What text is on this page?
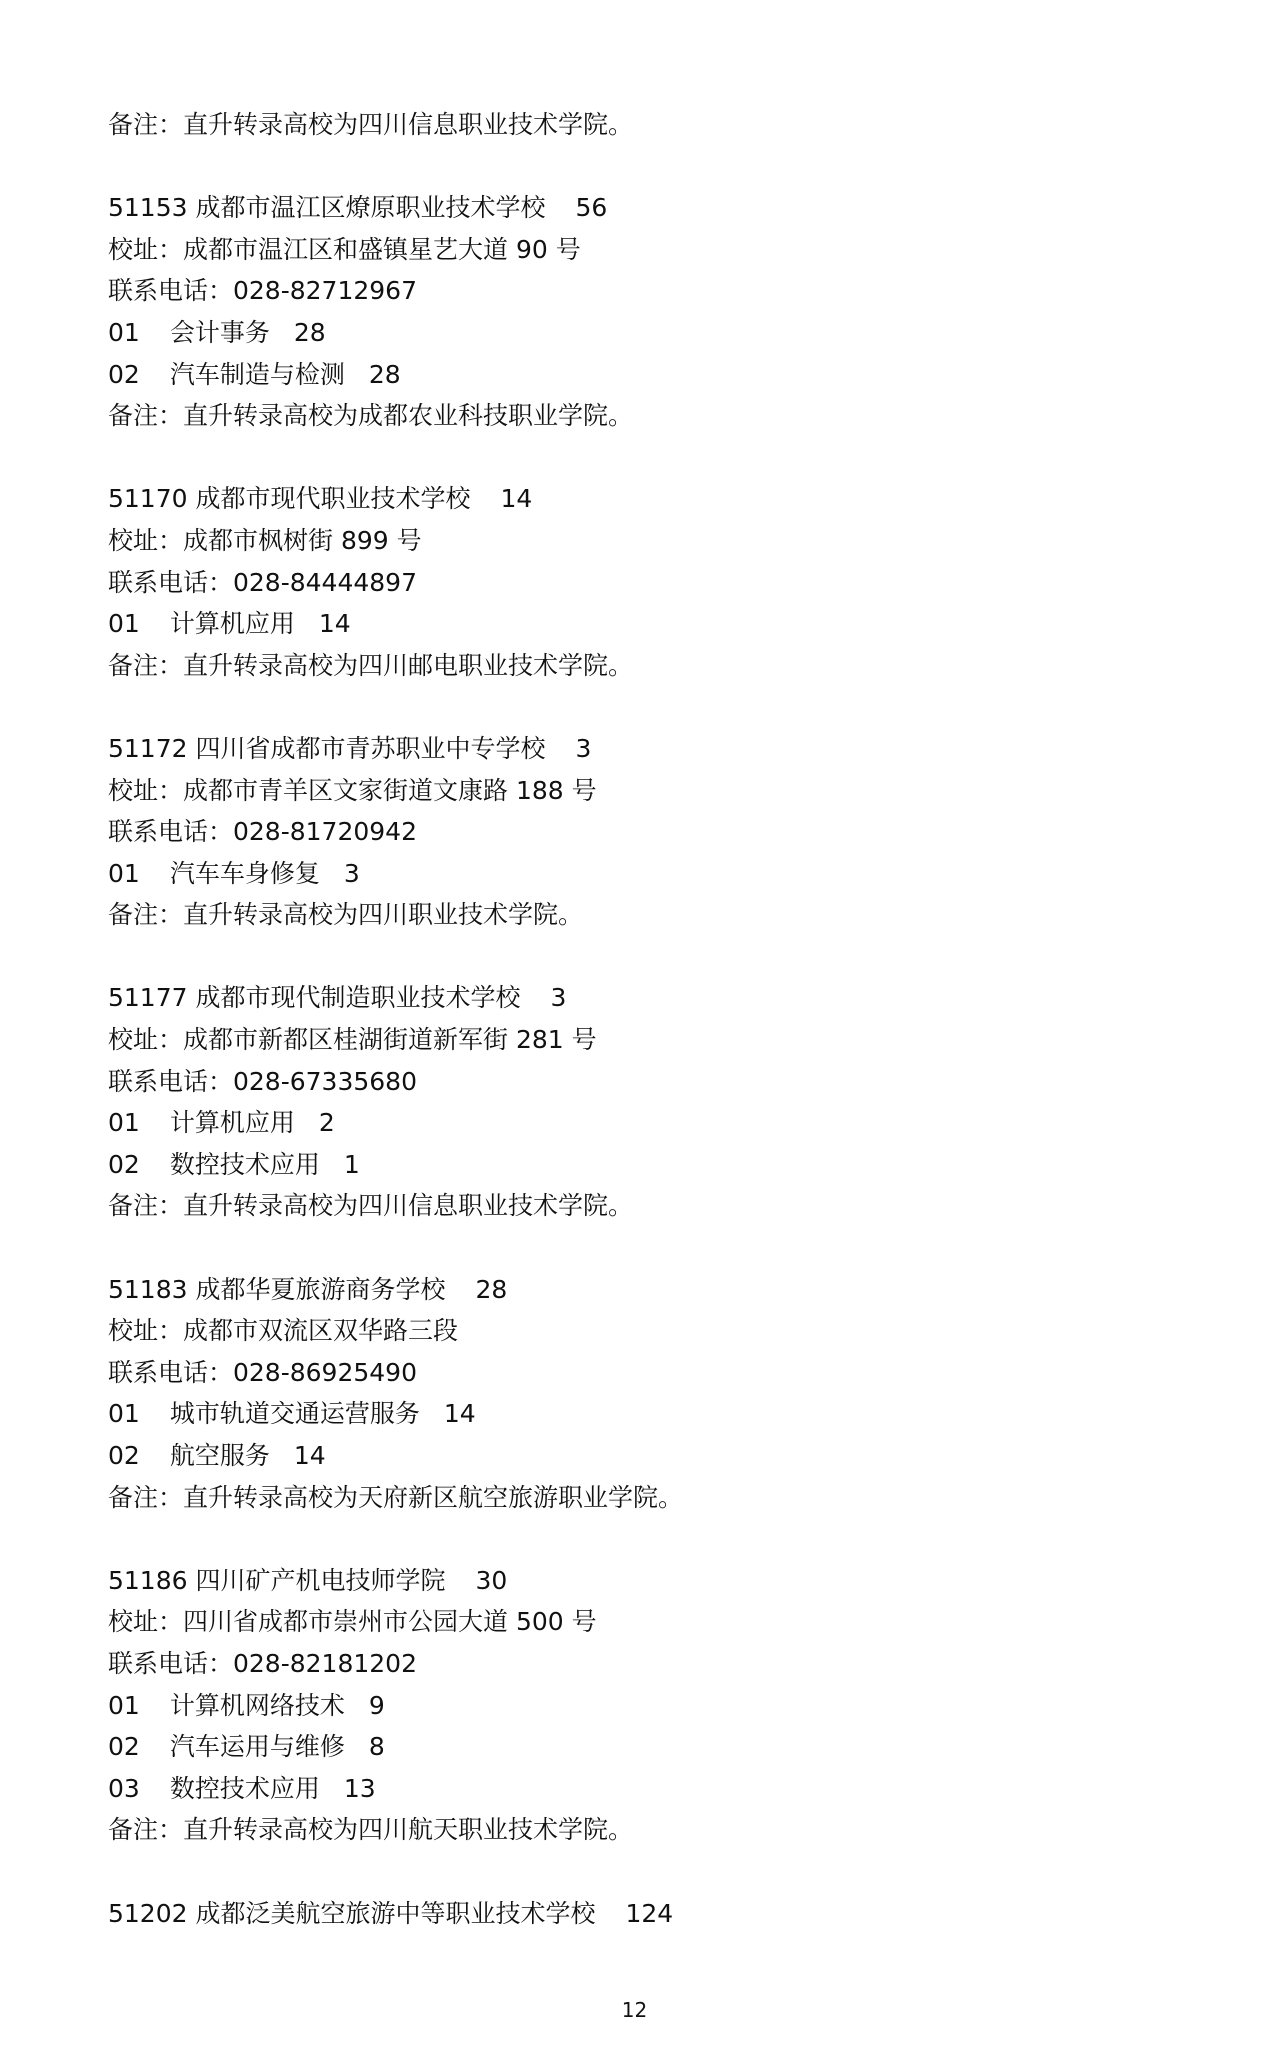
备注：直升转录高校为四川信息职业技术学院。
51153 成都市温江区燎原职业技术学校 56
校址：成都市温江区和盛镇星艺大道 90 号
联系电话：028-82712967
01 会计事务 28
02 汽车制造与检测 28
备注：直升转录高校为成都农业科技职业学院。
51170 成都市现代职业技术学校 14
校址：成都市枫树街 899 号
联系电话：028-84444897
01 计算机应用 14
备注：直升转录高校为四川邮电职业技术学院。
51172 四川省成都市青苏职业中专学校 3
校址：成都市青羊区文家街道文康路 188 号
联系电话：028-81720942
01 汽车车身修复 3
备注：直升转录高校为四川职业技术学院。
51177 成都市现代制造职业技术学校 3
校址：成都市新都区桂湖街道新军街 281 号
联系电话：028-67335680
01 计算机应用 2
02 数控技术应用 1
备注：直升转录高校为四川信息职业技术学院。
51183 成都华夏旅游商务学校 28
校址：成都市双流区双华路三段
联系电话：028-86925490
01 城市轨道交通运营服务 14
02 航空服务 14
备注：直升转录高校为天府新区航空旅游职业学院。
51186 四川矿产机电技师学院 30
校址：四川省成都市崇州市公园大道 500 号
联系电话：028-82181202
01 计算机网络技术 9
02 汽车运用与维修 8
03 数控技术应用 13
备注：直升转录高校为四川航天职业技术学院。
51202 成都泛美航空旅游中等职业技术学校 124
12
